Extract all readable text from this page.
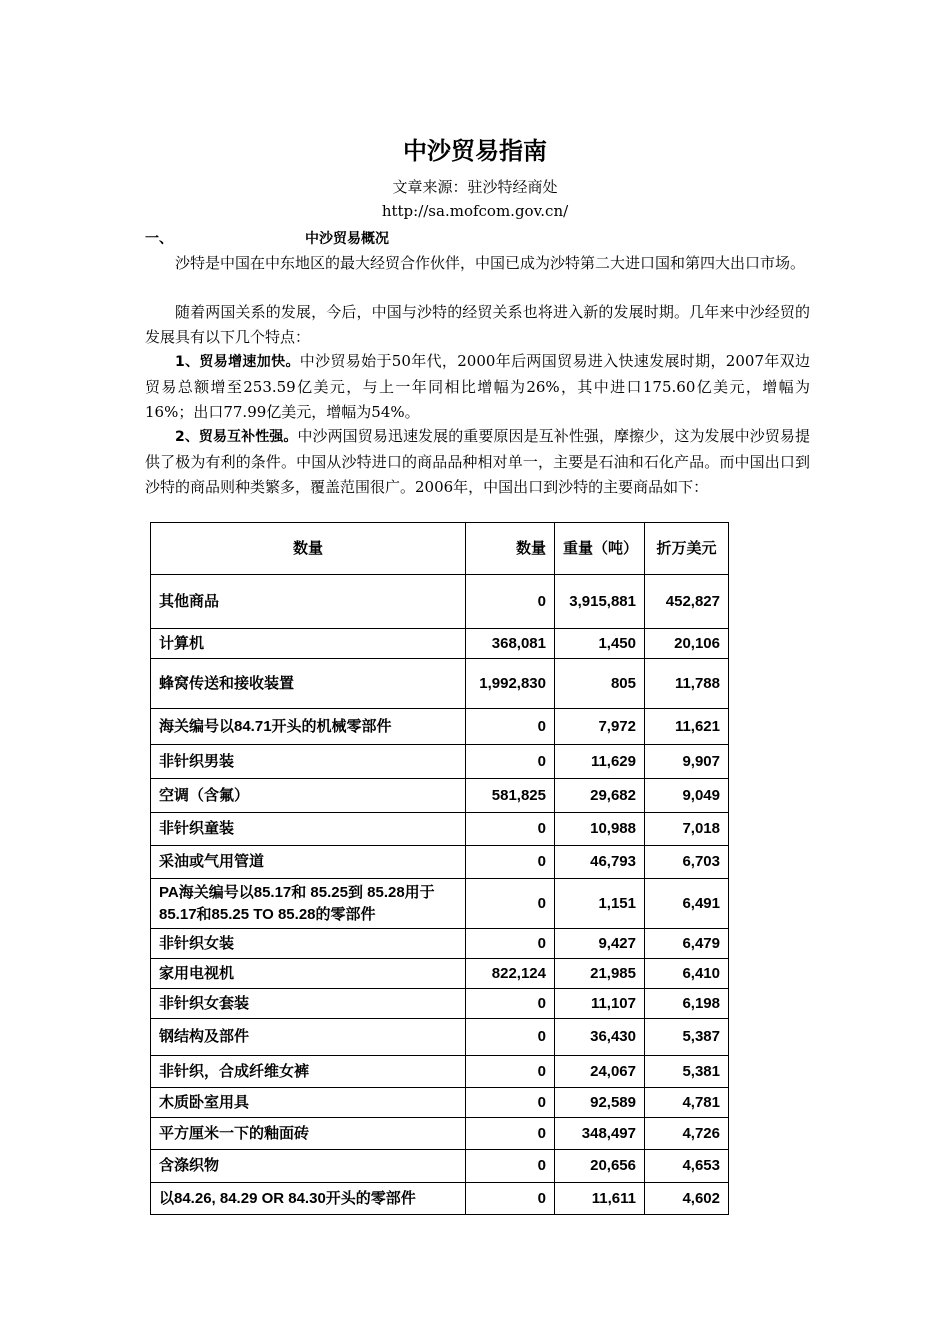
中沙贸易指南
文章来源：驻沙特经商处
http://sa.mofcom.gov.cn/
一、	中沙贸易概况

沙特是中国在中东地区的最大经贸合作伙伴，中国已成为沙特第二大进口国和第四大出口市场。

随着两国关系的发展，今后，中国与沙特的经贸关系也将进入新的发展时期。几年来中沙经贸的发展具有以下几个特点：

1、贸易增速加快。中沙贸易始于50年代，2000年后两国贸易进入快速发展时期，2007年双边贸易总额增至253.59亿美元，与上一年同相比增幅为26%，其中进口175.60亿美元，增幅为16%；出口77.99亿美元，增幅为54%。

2、贸易互补性强。中沙两国贸易迅速发展的重要原因是互补性强，摩擦少，这为发展中沙贸易提供了极为有利的条件。中国从沙特进口的商品品种相对单一，主要是石油和石化产品。而中国出口到沙特的商品则种类繁多，覆盖范围很广。2006年，中国出口到沙特的主要商品如下：

数量	数量	重量（吨）	折万美元
其他商品	0	3,915,881	452,827
计算机	368,081	1,450	20,106
蜂窝传送和接收装置	1,992,830	805	11,788
海关编号以84.71开头的机械零部件	0	7,972	11,621
非针织男装	0	11,629	9,907
空调（含氟）	581,825	29,682	9,049
非针织童装	0	10,988	7,018
采油或气用管道	0	46,793	6,703
PA海关编号以85.17和 85.25到 85.28用于85.17和85.25 TO 85.28的零部件	0	1,151	6,491
非针织女装	0	9,427	6,479
家用电视机	822,124	21,985	6,410
非针织女套装	0	11,107	6,198
钢结构及部件	0	36,430	5,387
非针织，合成纤维女裤	0	24,067	5,381
木质卧室用具	0	92,589	4,781
平方厘米一下的釉面砖	0	348,497	4,726
含涤织物	0	20,656	4,653
以84.26, 84.29 OR 84.30开头的零部件	0	11,611	4,602
